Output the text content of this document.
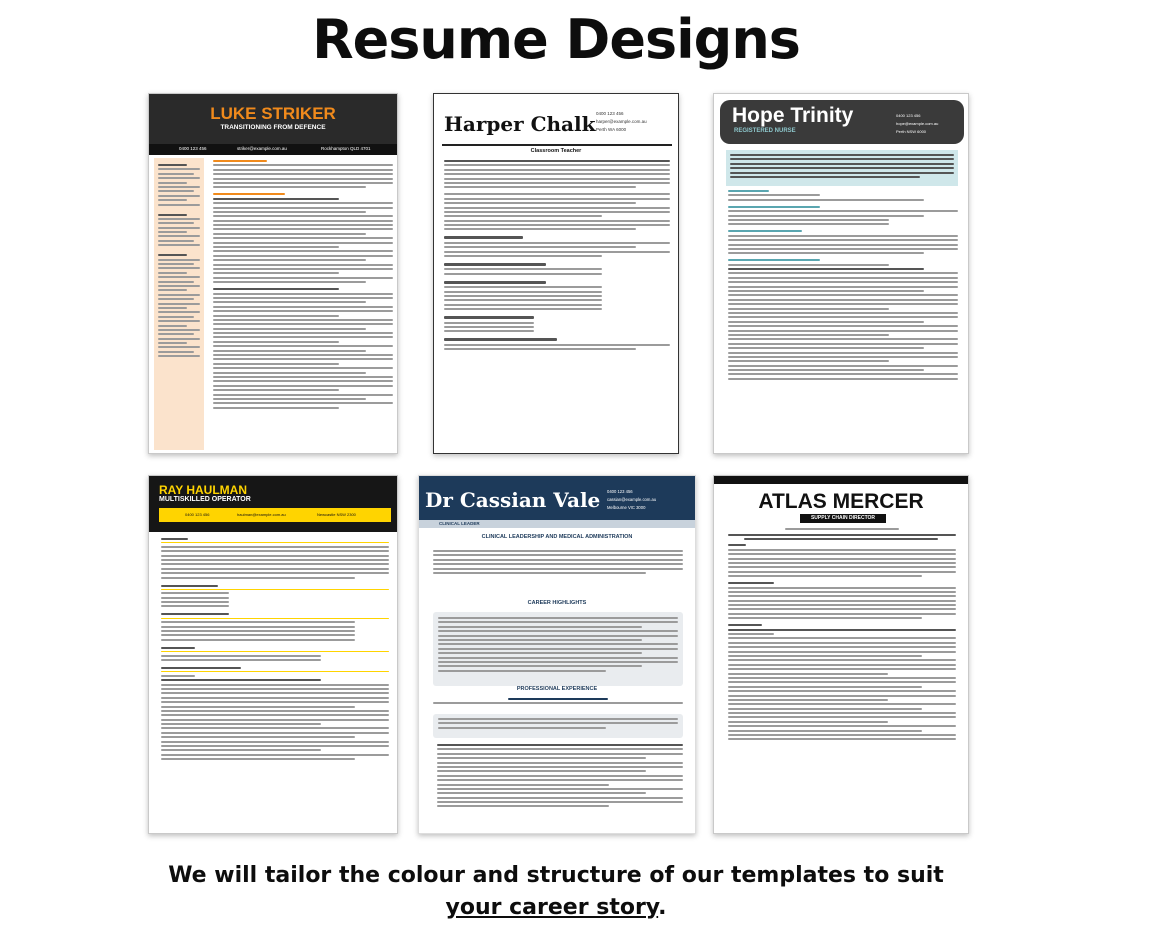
Resume Designs
LUKE STRIKER
TRANSITIONING FROM DEFENCE
0400 123 456	striker@example.com.au	Rockhampton QLD 4701
Harper Chalk 0400 123 456
harper@example.com.au
Perth WA 6000
Classroom Teacher
Hope Trinity
REGISTERED NURSE
0400 123 456
hope@example.com.au
Perth NSW 6000
RAY HAULMAN
MULTISKILLED OPERATOR
0400 123 456	haulman@example.com.au	Newcastle NSW 2300
Dr Cassian Vale 0400 123 456
cassian@example.com.au
Melbourne VIC 3000
CLINICAL LEADER
CLINICAL LEADERSHIP AND MEDICAL ADMINISTRATION
CAREER HIGHLIGHTS
PROFESSIONAL EXPERIENCE
ATLAS MERCER
SUPPLY CHAIN DIRECTOR
We will tailor the colour and structure of our templates to suit
your career story.
